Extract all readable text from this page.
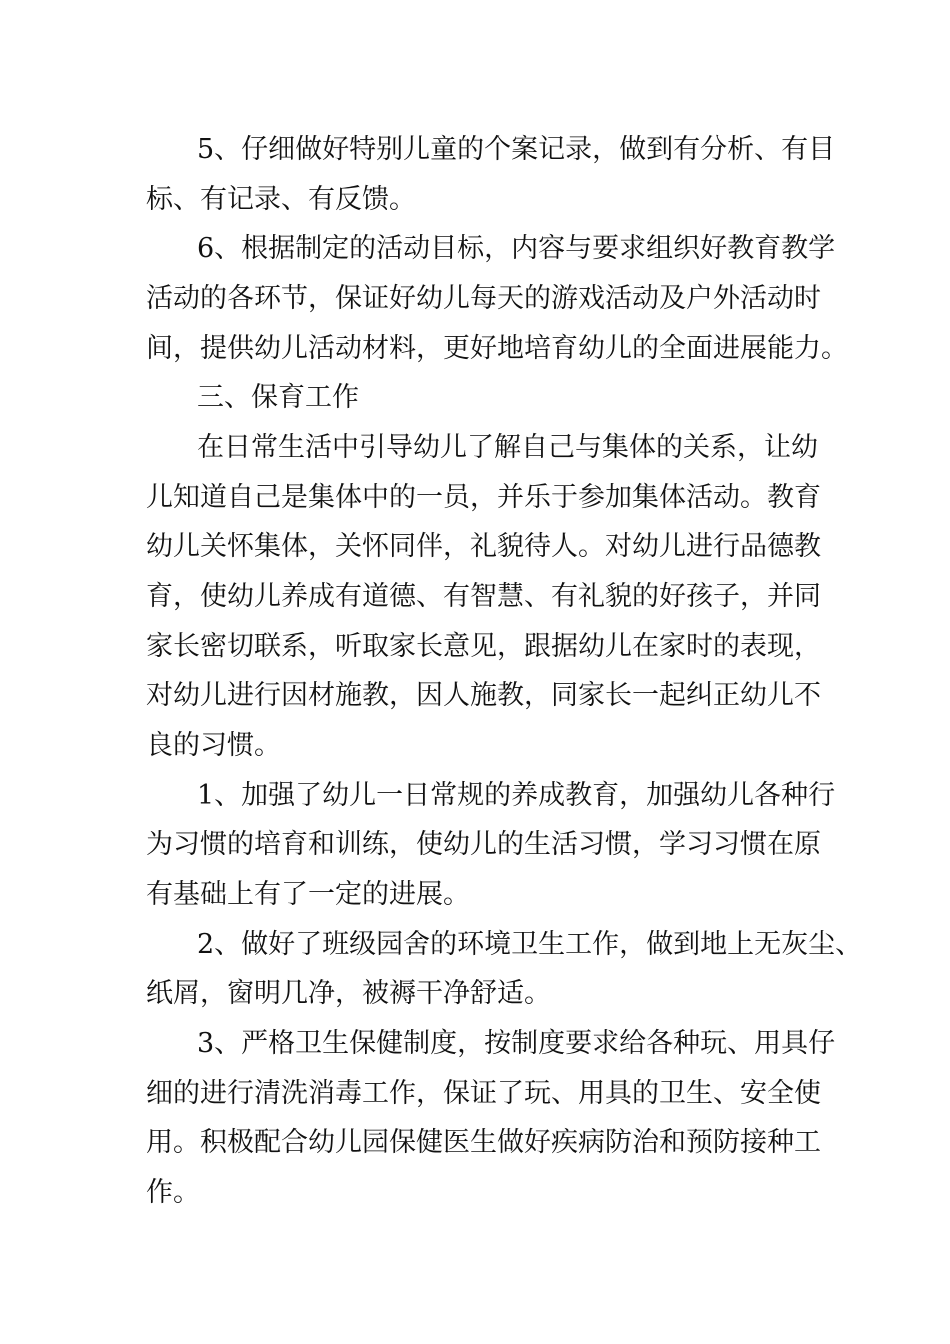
5、仔细做好特别儿童的个案记录，做到有分析、有目
标、有记录、有反馈。
6、根据制定的活动目标，内容与要求组织好教育教学
活动的各环节，保证好幼儿每天的游戏活动及户外活动时
间，提供幼儿活动材料，更好地培育幼儿的全面进展能力。
三、保育工作
在日常生活中引导幼儿了解自己与集体的关系，让幼
儿知道自己是集体中的一员，并乐于参加集体活动。教育
幼儿关怀集体，关怀同伴，礼貌待人。对幼儿进行品德教
育，使幼儿养成有道德、有智慧、有礼貌的好孩子，并同
家长密切联系，听取家长意见，跟据幼儿在家时的表现，
对幼儿进行因材施教，因人施教，同家长一起纠正幼儿不
良的习惯。
1、加强了幼儿一日常规的养成教育，加强幼儿各种行
为习惯的培育和训练，使幼儿的生活习惯，学习习惯在原
有基础上有了一定的进展。
2、做好了班级园舍的环境卫生工作，做到地上无灰尘、
纸屑，窗明几净，被褥干净舒适。
3、严格卫生保健制度，按制度要求给各种玩、用具仔
细的进行清洗消毒工作，保证了玩、用具的卫生、安全使
用。积极配合幼儿园保健医生做好疾病防治和预防接种工
作。
